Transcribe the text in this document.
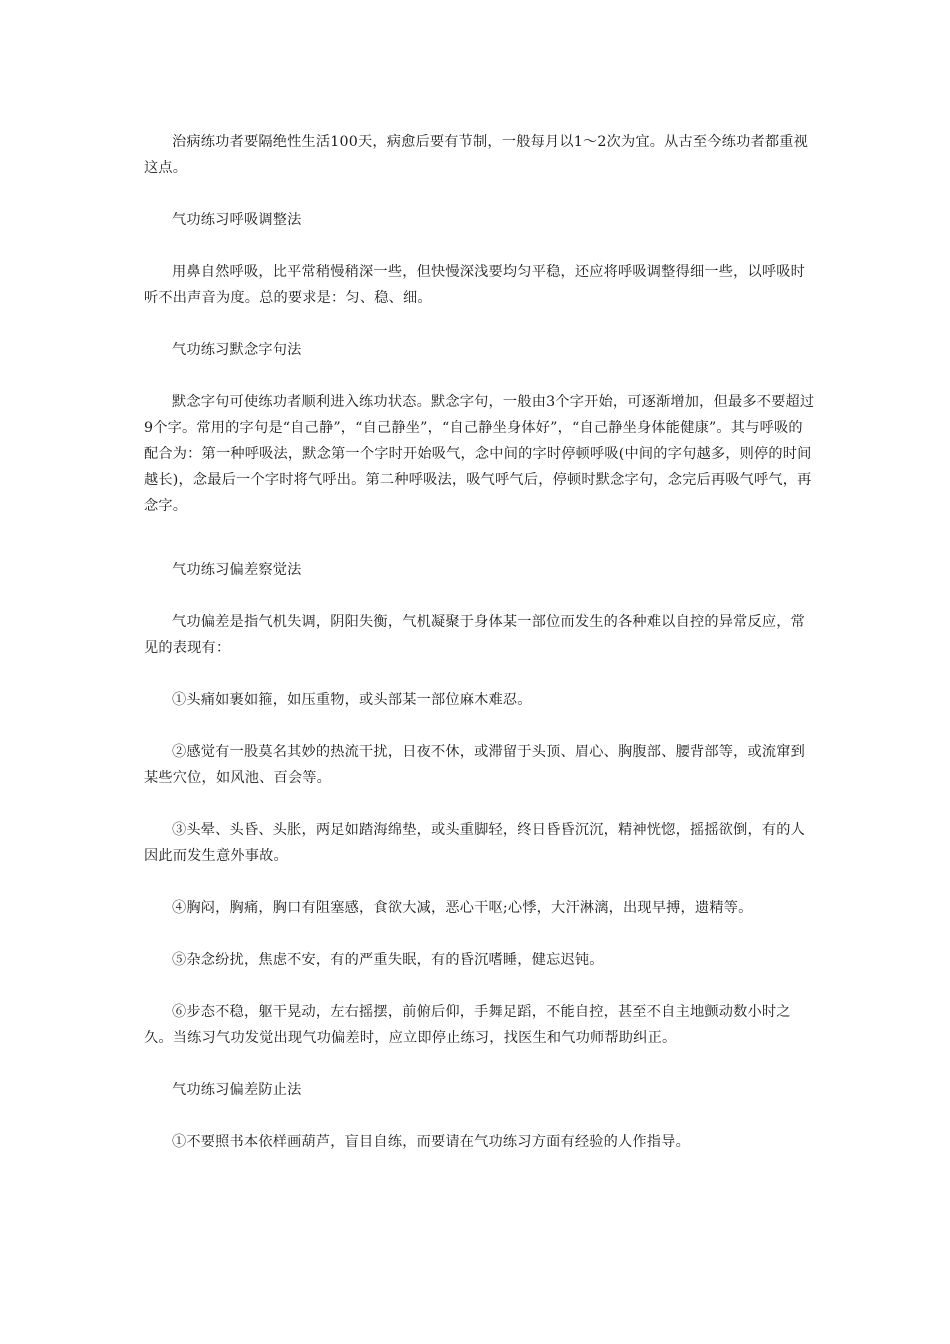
治病练功者要隔绝性生活100天，病愈后要有节制，一般每月以1～2次为宜。从古至今练功者都重视这点。

气功练习呼吸调整法

用鼻自然呼吸，比平常稍慢稍深一些，但快慢深浅要均匀平稳，还应将呼吸调整得细一些，以呼吸时听不出声音为度。总的要求是：匀、稳、细。

气功练习默念字句法

默念字句可使练功者顺利进入练功状态。默念字句，一般由3个字开始，可逐渐增加，但最多不要超过9个字。常用的字句是“自己静”，“自己静坐”，“自己静坐身体好”，“自己静坐身体能健康”。其与呼吸的配合为：第一种呼吸法，默念第一个字时开始吸气，念中间的字时停顿呼吸(中间的字句越多，则停的时间越长)，念最后一个字时将气呼出。第二种呼吸法，吸气呼气后，停顿时默念字句，念完后再吸气呼气，再念字。

气功练习偏差察觉法

气功偏差是指气机失调，阴阳失衡，气机凝聚于身体某一部位而发生的各种难以自控的异常反应，常见的表现有：

①头痛如裹如箍，如压重物，或头部某一部位麻木难忍。

②感觉有一股莫名其妙的热流干扰，日夜不休，或滞留于头顶、眉心、胸腹部、腰背部等，或流窜到某些穴位，如风池、百会等。

③头晕、头昏、头胀，两足如踏海绵垫，或头重脚轻，终日昏昏沉沉，精神恍惚，摇摇欲倒，有的人因此而发生意外事故。

④胸闷，胸痛，胸口有阻塞感，食欲大减，恶心干呕;心悸，大汗淋漓，出现早搏，遗精等。

⑤杂念纷扰，焦虑不安，有的严重失眠，有的昏沉嗜睡，健忘迟钝。

⑥步态不稳，躯干晃动，左右摇摆，前俯后仰，手舞足蹈，不能自控，甚至不自主地颤动数小时之久。当练习气功发觉出现气功偏差时，应立即停止练习，找医生和气功师帮助纠正。

气功练习偏差防止法

①不要照书本依样画葫芦，盲目自练，而要请在气功练习方面有经验的人作指导。
